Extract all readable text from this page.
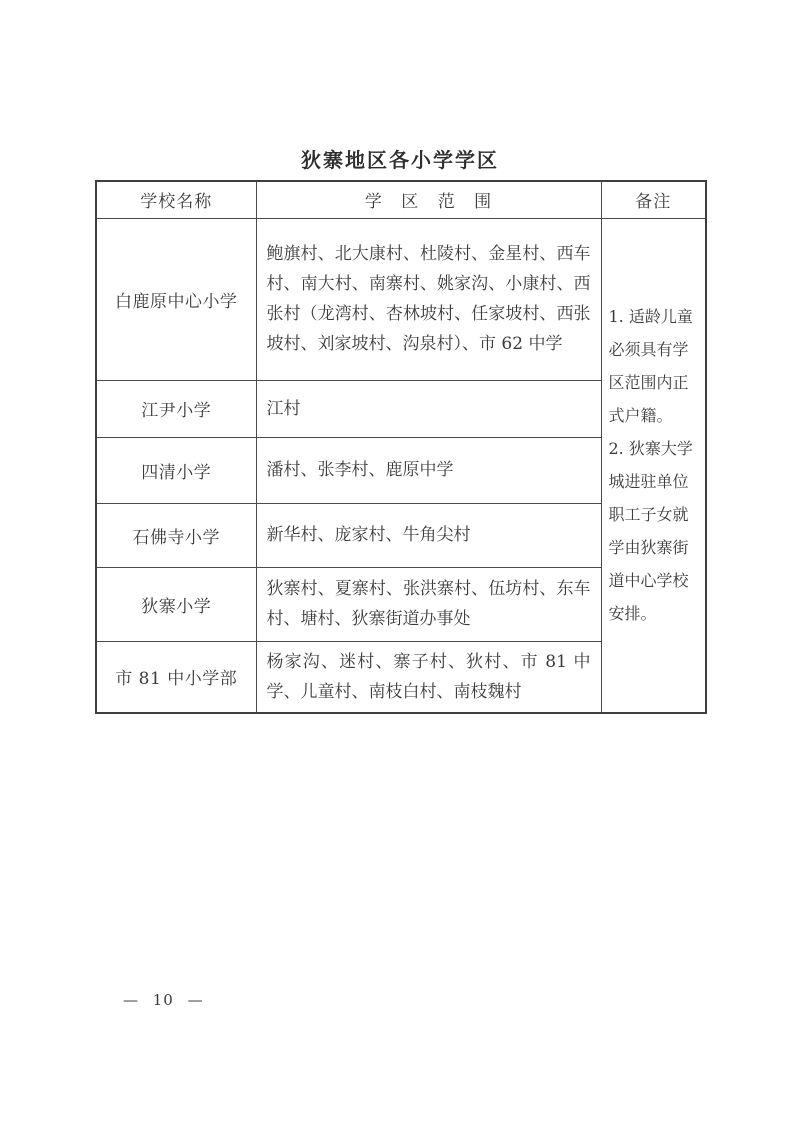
狄寨地区各小学学区
学校名称	学 区 范 围	备注
白鹿原中心小学	鲍旗村、北大康村、杜陵村、金星村、西车村、南大村、南寨村、姚家沟、小康村、西张村（龙湾村、杏林坡村、任家坡村、西张坡村、刘家坡村、沟泉村）、市 62 中学	1. 适龄儿童必须具有学区范围内正式户籍。

2. 狄寨大学城进驻单位职工子女就学由狄寨街道中心学校安排。

江尹小学	江村	
四清小学	潘村、张李村、鹿原中学	
石佛寺小学	新华村、庞家村、牛角尖村	
狄寨小学	狄寨村、夏寨村、张洪寨村、伍坊村、东车村、塘村、狄寨街道办事处	
市 81 中小学部	杨家沟、迷村、寨子村、狄村、市 81 中学、儿童村、南枝白村、南枝魏村	
— 10 —
